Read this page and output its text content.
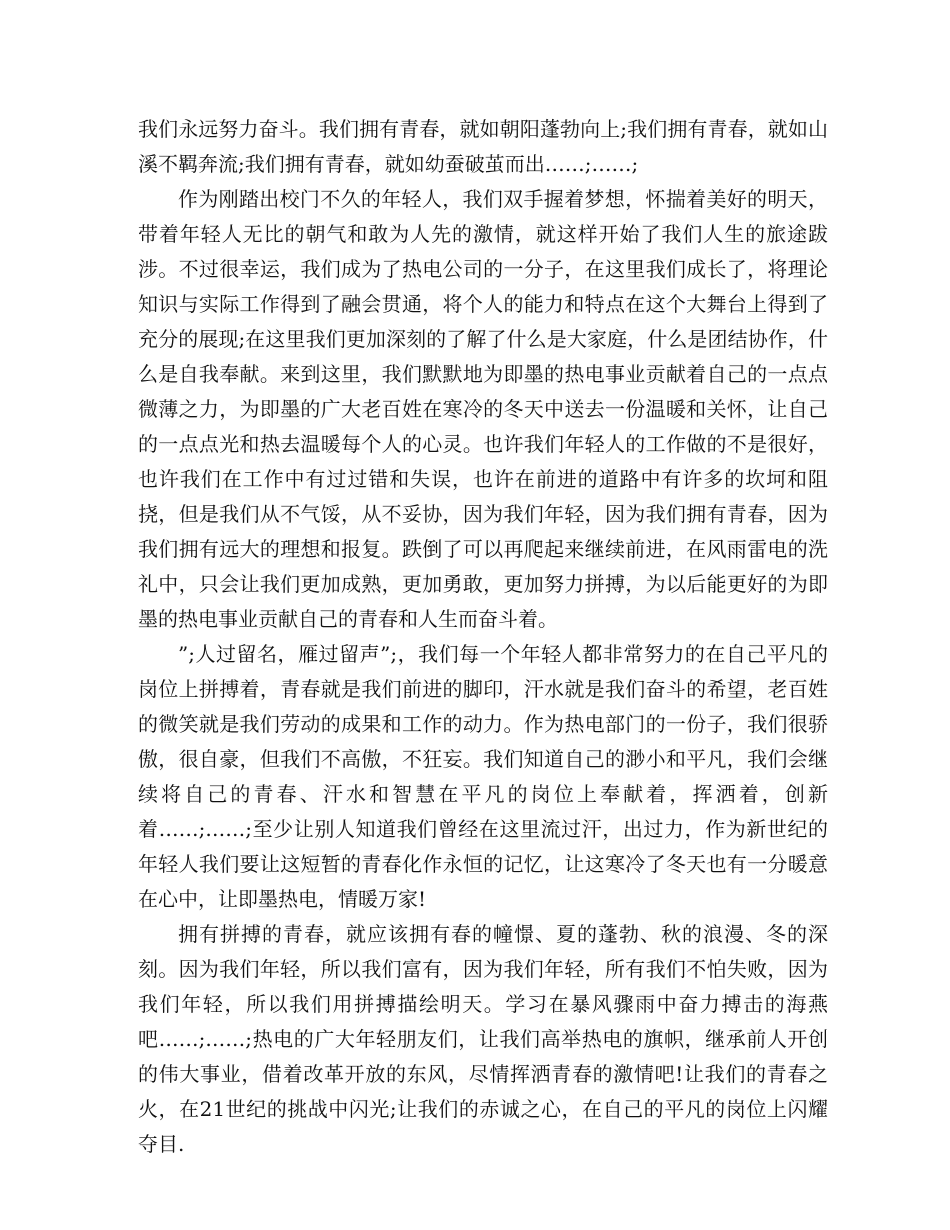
我们永远努力奋斗。我们拥有青春，就如朝阳蓬勃向上;我们拥有青春，就如山溪不羁奔流;我们拥有青春，就如幼蚕破茧而出……;……;

作为刚踏出校门不久的年轻人，我们双手握着梦想，怀揣着美好的明天，带着年轻人无比的朝气和敢为人先的激情，就这样开始了我们人生的旅途跋涉。不过很幸运，我们成为了热电公司的一分子，在这里我们成长了，将理论知识与实际工作得到了融会贯通，将个人的能力和特点在这个大舞台上得到了充分的展现;在这里我们更加深刻的了解了什么是大家庭，什么是团结协作，什么是自我奉献。来到这里，我们默默地为即墨的热电事业贡献着自己的一点点微薄之力，为即墨的广大老百姓在寒冷的冬天中送去一份温暖和关怀，让自己的一点点光和热去温暖每个人的心灵。也许我们年轻人的工作做的不是很好，也许我们在工作中有过过错和失误，也许在前进的道路中有许多的坎坷和阻挠，但是我们从不气馁，从不妥协，因为我们年轻，因为我们拥有青春，因为我们拥有远大的理想和报复。跌倒了可以再爬起来继续前进，在风雨雷电的洗礼中，只会让我们更加成熟，更加勇敢，更加努力拼搏，为以后能更好的为即墨的热电事业贡献自己的青春和人生而奋斗着。

”;人过留名，雁过留声”;，我们每一个年轻人都非常努力的在自己平凡的岗位上拼搏着，青春就是我们前进的脚印，汗水就是我们奋斗的希望，老百姓的微笑就是我们劳动的成果和工作的动力。作为热电部门的一份子，我们很骄傲，很自豪，但我们不高傲，不狂妄。我们知道自己的渺小和平凡，我们会继续将自己的青春、汗水和智慧在平凡的岗位上奉献着，挥洒着，创新着……;……;至少让别人知道我们曾经在这里流过汗，出过力，作为新世纪的年轻人我们要让这短暂的青春化作永恒的记忆，让这寒冷了冬天也有一分暖意在心中，让即墨热电，情暖万家!

拥有拼搏的青春，就应该拥有春的幢憬、夏的蓬勃、秋的浪漫、冬的深刻。因为我们年轻，所以我们富有，因为我们年轻，所有我们不怕失败，因为我们年轻，所以我们用拼搏描绘明天。学习在暴风骤雨中奋力搏击的海燕吧……;……;热电的广大年轻朋友们，让我们高举热电的旗帜，继承前人开创的伟大事业，借着改革开放的东风，尽情挥洒青春的激情吧!让我们的青春之火，在21世纪的挑战中闪光;让我们的赤诚之心，在自己的平凡的岗位上闪耀夺目.
